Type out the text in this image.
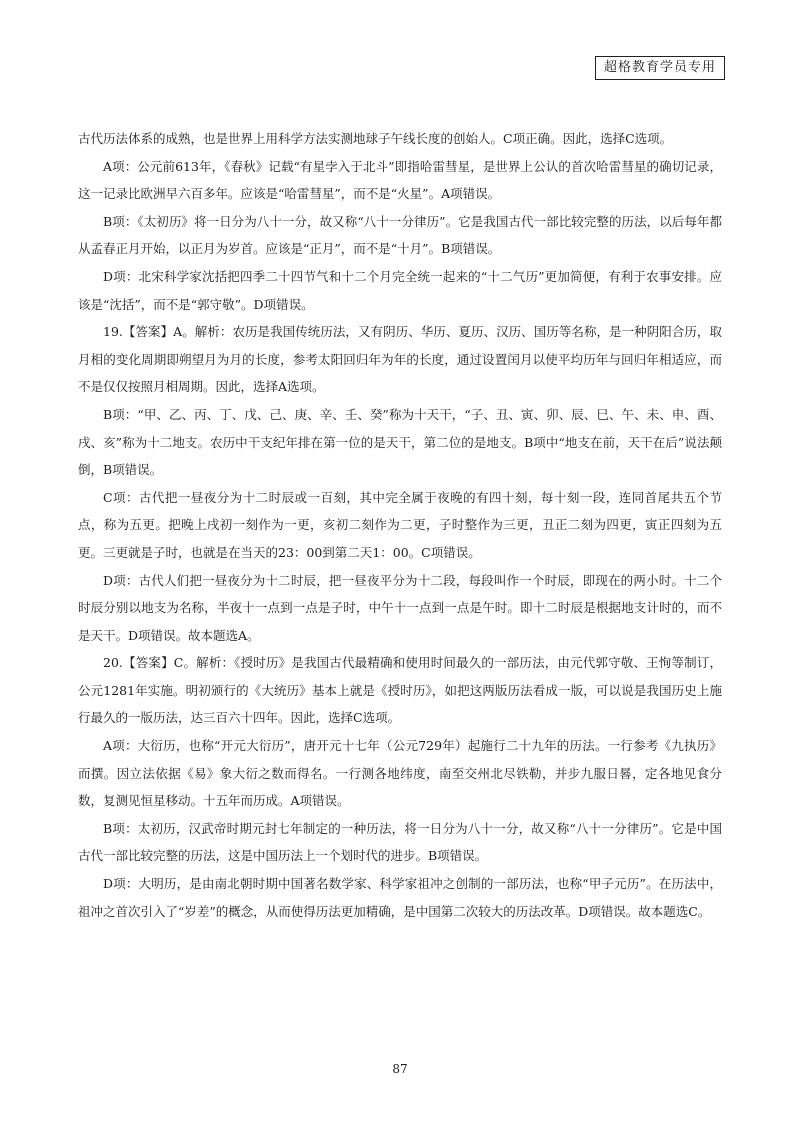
超格教育学员专用

古代历法体系的成熟，也是世界上用科学方法实测地球子午线长度的创始人。C项正确。因此，选择C选项。

A项：公元前613年，《春秋》记载“有星孛入于北斗”即指哈雷彗星，是世界上公认的首次哈雷彗星的确切记录，这一记录比欧洲早六百多年。应该是“哈雷彗星”，而不是“火星”。A项错误。

B项：《太初历》将一日分为八十一分，故又称“八十一分律历”。它是我国古代一部比较完整的历法，以后每年都从孟春正月开始，以正月为岁首。应该是“正月”，而不是“十月”。B项错误。

D项：北宋科学家沈括把四季二十四节气和十二个月完全统一起来的“十二气历”更加简便，有利于农事安排。应该是“沈括”，而不是“郭守敬”。D项错误。

19.【答案】A。解析：农历是我国传统历法，又有阴历、华历、夏历、汉历、国历等名称，是一种阴阳合历，取月相的变化周期即朔望月为月的长度，参考太阳回归年为年的长度，通过设置闰月以使平均历年与回归年相适应，而不是仅仅按照月相周期。因此，选择A选项。

B项：“甲、乙、丙、丁、戊、己、庚、辛、壬、癸”称为十天干，“子、丑、寅、卯、辰、巳、午、未、申、酉、戌、亥”称为十二地支。农历中干支纪年排在第一位的是天干，第二位的是地支。B项中“地支在前，天干在后”说法颠倒，B项错误。

C项：古代把一昼夜分为十二时辰或一百刻，其中完全属于夜晚的有四十刻，每十刻一段，连同首尾共五个节点，称为五更。把晚上戌初一刻作为一更，亥初二刻作为二更，子时整作为三更，丑正二刻为四更，寅正四刻为五更。三更就是子时，也就是在当天的23：00到第二天1：00。C项错误。

D项：古代人们把一昼夜分为十二时辰，把一昼夜平分为十二段，每段叫作一个时辰，即现在的两小时。十二个时辰分别以地支为名称，半夜十一点到一点是子时，中午十一点到一点是午时。即十二时辰是根据地支计时的，而不是天干。D项错误。故本题选A。

20.【答案】C。解析：《授时历》是我国古代最精确和使用时间最久的一部历法，由元代郭守敬、王恂等制订，公元1281年实施。明初颁行的《大统历》基本上就是《授时历》，如把这两版历法看成一版，可以说是我国历史上施行最久的一版历法，达三百六十四年。因此，选择C选项。

A项：大衍历，也称“开元大衍历”，唐开元十七年（公元729年）起施行二十九年的历法。一行参考《九执历》而撰。因立法依据《易》象大衍之数而得名。一行测各地纬度，南至交州北尽铁勒，并步九服日晷，定各地见食分数，复测见恒星移动。十五年而历成。A项错误。

B项：太初历，汉武帝时期元封七年制定的一种历法，将一日分为八十一分，故又称“八十一分律历”。它是中国古代一部比较完整的历法，这是中国历法上一个划时代的进步。B项错误。

D项：大明历，是由南北朝时期中国著名数学家、科学家祖冲之创制的一部历法，也称“甲子元历”。在历法中，祖冲之首次引入了“岁差”的概念，从而使得历法更加精确，是中国第二次较大的历法改革。D项错误。故本题选C。

87
